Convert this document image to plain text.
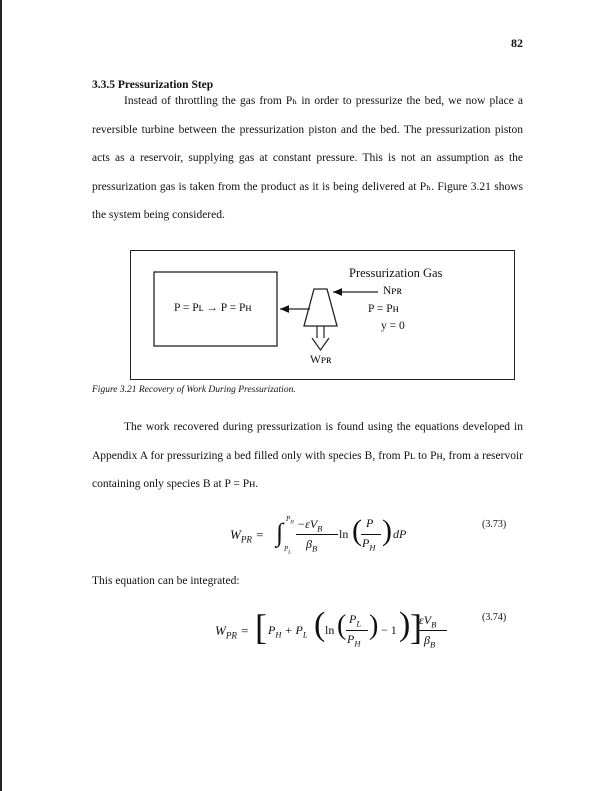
82
3.3.5 Pressurization Step

Instead of throttling the gas from Pₕ in order to pressurize the bed, we now place a reversible turbine between the pressurization piston and the bed. The pressurization piston acts as a reservoir, supplying gas at constant pressure. This is not an assumption as the pressurization gas is taken from the product as it is being delivered at Pₕ. Figure 3.21 shows the system being considered.

P = Pʟ → P = Pʜ
Pressurization Gas
Nᴘʀ
P = Pʜ
y = 0
Wᴘʀ
Figure 3.21 Recovery of Work During Pressurization.

The work recovered during pressurization is found using the equations developed in Appendix A for pressurizing a bed filled only with species B, from Pʟ to Pʜ, from a reservoir containing only species B at P = Pʜ.

$W_{PR}$ = ∫ $P_H$
$P_L$
$-\varepsilon V_B$
$\beta_B$
ln ( P
$P_H$
) dP
(3.73)

This equation can be integrated:

$W_{PR}$ = [ $P_H + P_L$ ( ln ( $P_L$
$P_H$
) − 1 ) ]
$\varepsilon V_B$
$\beta_B$
(3.74)
